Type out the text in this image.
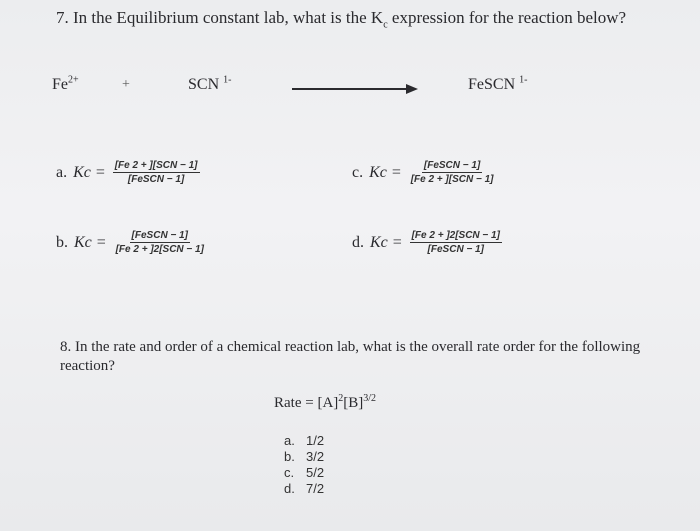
7. In the Equilibrium constant lab, what is the $K_c$ expression for the reaction below?
$Fe^{2+}$	+	SCN $^{1-}$	FeSCN $^{1-}$
a. $Kc = \frac{\text{[Fe 2 + ][SCN − 1]}}{\text{[FeSCN − 1]}}$
b. $Kc = \frac{\text{[FeSCN − 1]}}{\text{[Fe 2 + ]2[SCN − 1]}}$
c. $Kc = \frac{\text{[FeSCN − 1]}}{\text{[Fe 2 + ][SCN − 1]}}$
d. $Kc = \frac{\text{[Fe 2 + ]2[SCN − 1]}}{\text{[FeSCN − 1]}}$
8. In the rate and order of a chemical reaction lab, what is the overall rate order for the following reaction?
Rate = $[A]^2[B]^{3/2}$
a. 1/2
b. 3/2
c. 5/2
d. 7/2
